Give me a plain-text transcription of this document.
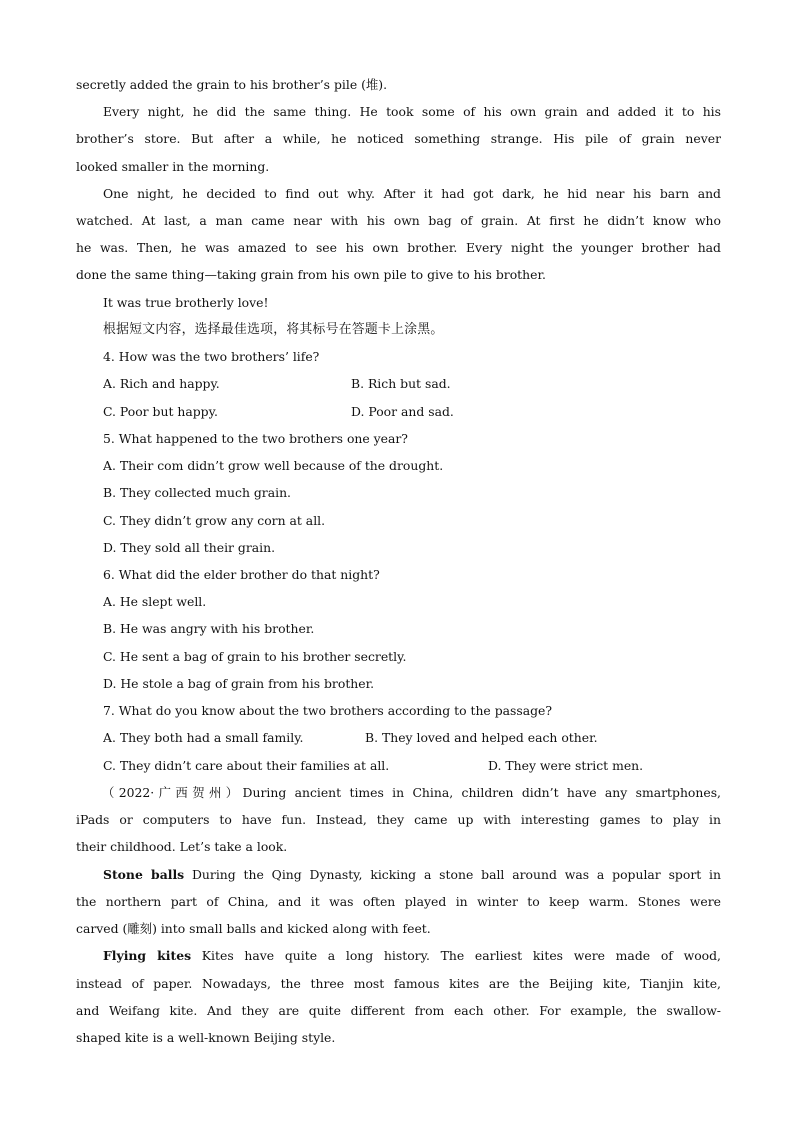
secretly added the grain to his brother’s pile (堆).
Every night, he did the same thing. He took some of his own grain and added it to his
brother’s store. But after a while, he noticed something strange. His pile of grain never
looked smaller in the morning.
One night, he decided to find out why. After it had got dark, he hid near his barn and
watched. At last, a man came near with his own bag of grain. At first he didn’t know who
he was. Then, he was amazed to see his own brother. Every night the younger brother had
done the same thing—taking grain from his own pile to give to his brother.
It was true brotherly love!
根据短文内容，选择最佳选项，将其标号在答题卡上涂黑。
4. How was the two brothers’ life?
A. Rich and happy.	B. Rich but sad.
C. Poor but happy.	D. Poor and sad.
5. What happened to the two brothers one year?
A. Their com didn’t grow well because of the drought.
B. They collected much grain.
C. They didn’t grow any corn at all.
D. They sold all their grain.
6. What did the elder brother do that night?
A. He slept well.
B. He was angry with his brother.
C. He sent a bag of grain to his brother secretly.
D. He stole a bag of grain from his brother.
7. What do you know about the two brothers according to the passage?
A. They both had a small family.	B. They loved and helped each other.
C. They didn’t care about their families at all.	D. They were strict men.
（2022·广西贺州）During ancient times in China, children didn’t have any smartphones,
iPads or computers to have fun. Instead, they came up with interesting games to play in
their childhood. Let’s take a look.
Stone balls During the Qing Dynasty, kicking a stone ball around was a popular sport in
the northern part of China, and it was often played in winter to keep warm. Stones were
carved (雕刻) into small balls and kicked along with feet.
Flying kites Kites have quite a long history. The earliest kites were made of wood,
instead of paper. Nowadays, the three most famous kites are the Beijing kite, Tianjin kite,
and Weifang kite. And they are quite different from each other. For example, the swallow-
shaped kite is a well-known Beijing style.
